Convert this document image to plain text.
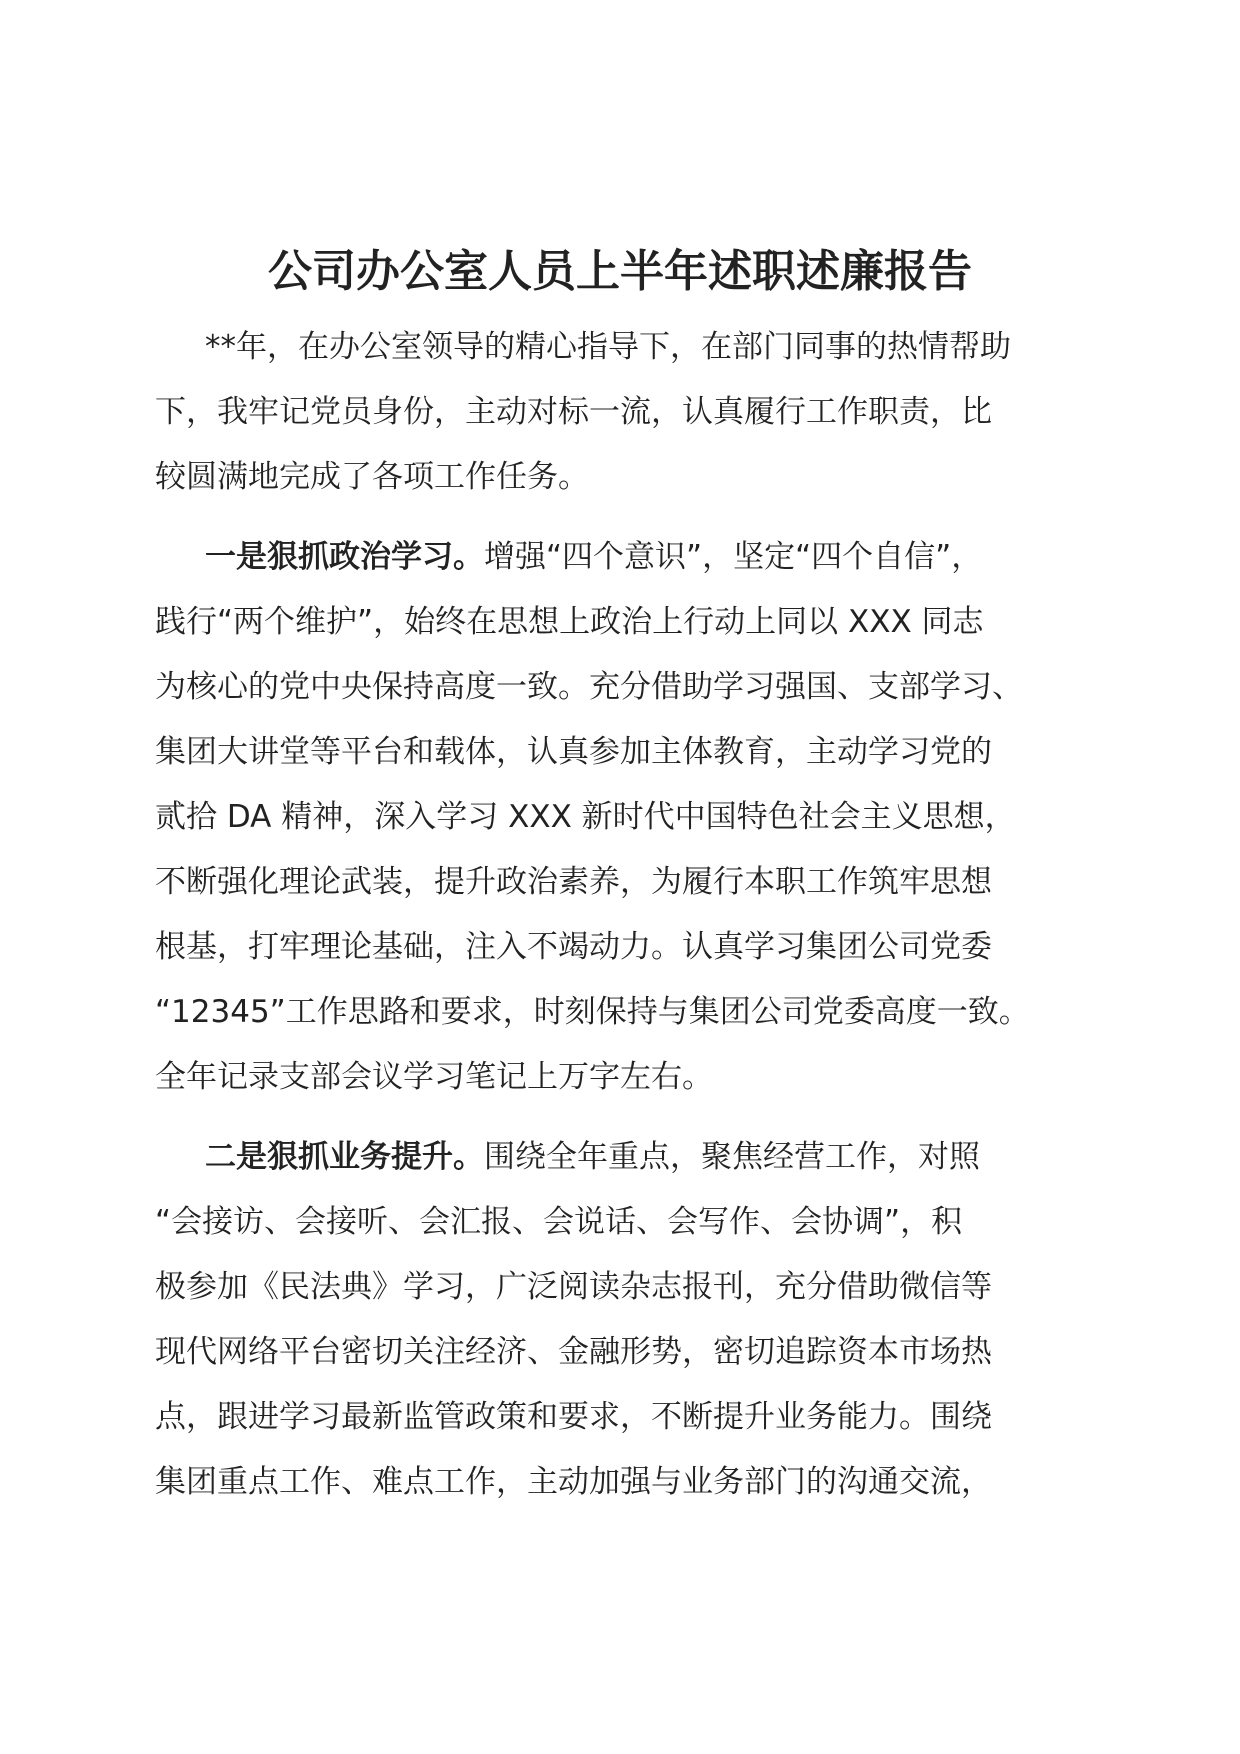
公司办公室人员上半年述职述廉报告
**年，在办公室领导的精心指导下，在部门同事的热情帮助
下，我牢记党员身份，主动对标一流，认真履行工作职责，比
较圆满地完成了各项工作任务。
一是狠抓政治学习。增强“四个意识”，坚定“四个自信”，
践行“两个维护”，始终在思想上政治上行动上同以 XXX 同志
为核心的党中央保持高度一致。充分借助学习强国、支部学习、
集团大讲堂等平台和载体，认真参加主体教育，主动学习党的
贰拾 DA 精神，深入学习 XXX 新时代中国特色社会主义思想，
不断强化理论武装，提升政治素养，为履行本职工作筑牢思想
根基，打牢理论基础，注入不竭动力。认真学习集团公司党委
“12345”工作思路和要求，时刻保持与集团公司党委高度一致。
全年记录支部会议学习笔记上万字左右。
二是狠抓业务提升。围绕全年重点，聚焦经营工作，对照
“会接访、会接听、会汇报、会说话、会写作、会协调”，积
极参加《民法典》学习，广泛阅读杂志报刊，充分借助微信等
现代网络平台密切关注经济、金融形势，密切追踪资本市场热
点，跟进学习最新监管政策和要求，不断提升业务能力。围绕
集团重点工作、难点工作，主动加强与业务部门的沟通交流，
